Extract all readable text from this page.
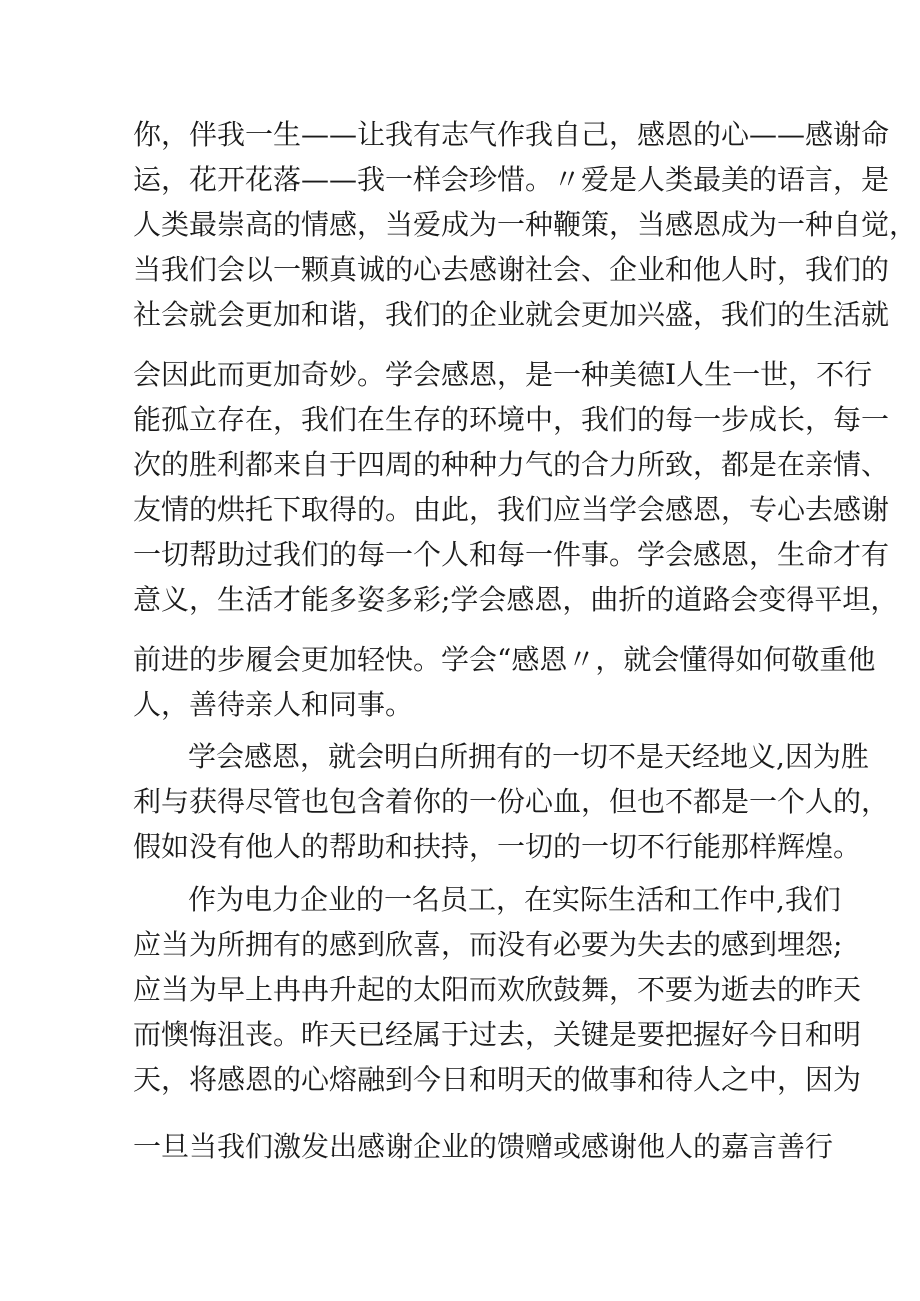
你，伴我一生——让我有志气作我自己，感恩的心——感谢命
运，花开花落——我一样会珍惜。〃爱是人类最美的语言，是
人类最崇高的情感，当爱成为一种鞭策，当感恩成为一种自觉，
当我们会以一颗真诚的心去感谢社会、企业和他人时，我们的
社会就会更加和谐，我们的企业就会更加兴盛，我们的生活就
会因此而更加奇妙。学会感恩，是一种美德I人生一世，不行
能孤立存在，我们在生存的环境中，我们的每一步成长，每一
次的胜利都来自于四周的种种力气的合力所致，都是在亲情、
友情的烘托下取得的。由此，我们应当学会感恩，专心去感谢
一切帮助过我们的每一个人和每一件事。学会感恩，生命才有
意义，生活才能多姿多彩;学会感恩，曲折的道路会变得平坦，
前进的步履会更加轻快。学会“感恩〃，就会懂得如何敬重他
人，善待亲人和同事。
学会感恩，就会明白所拥有的一切不是天经地义,因为胜
利与获得尽管也包含着你的一份心血，但也不都是一个人的，
假如没有他人的帮助和扶持，一切的一切不行能那样辉煌。
作为电力企业的一名员工，在实际生活和工作中,我们
应当为所拥有的感到欣喜，而没有必要为失去的感到埋怨;
应当为早上冉冉升起的太阳而欢欣鼓舞，不要为逝去的昨天
而懊悔沮丧。昨天已经属于过去，关键是要把握好今日和明
天，将感恩的心熔融到今日和明天的做事和待人之中，因为
一旦当我们激发出感谢企业的馈赠或感谢他人的嘉言善行
